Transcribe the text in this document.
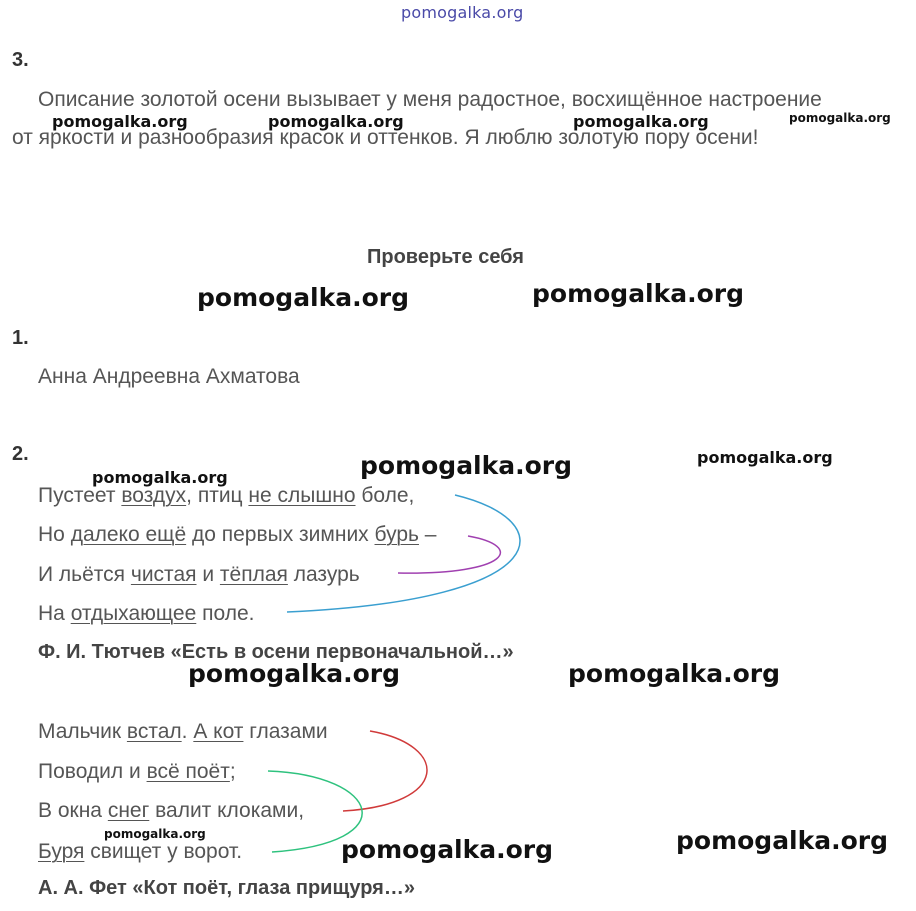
pomogalka.org
3.
Описание золотой осени вызывает у меня радостное, восхищённое настроение
от яркости и разнообразия красок и оттенков. Я люблю золотую пору осени!
Проверьте себя
1.
Анна Андреевна Ахматова
2.
Пустеет воздух, птиц не слышно боле,
Но далеко ещё до первых зимних бурь –
И льётся чистая и тёплая лазурь
На отдыхающее поле.
Ф. И. Тютчев «Есть в осени первоначальной…»
Мальчик встал. А кот глазами
Поводил и всё поёт;
В окна снег валит клоками,
Буря свищет у ворот.
А. А. Фет «Кот поёт, глаза прищуря…»
pomogalka.org	pomogalka.org	pomogalka.org	pomogalka.org
pomogalka.org	pomogalka.org
pomogalka.org	pomogalka.org	pomogalka.org
pomogalka.org	pomogalka.org
pomogalka.org
pomogalka.org	pomogalka.org
